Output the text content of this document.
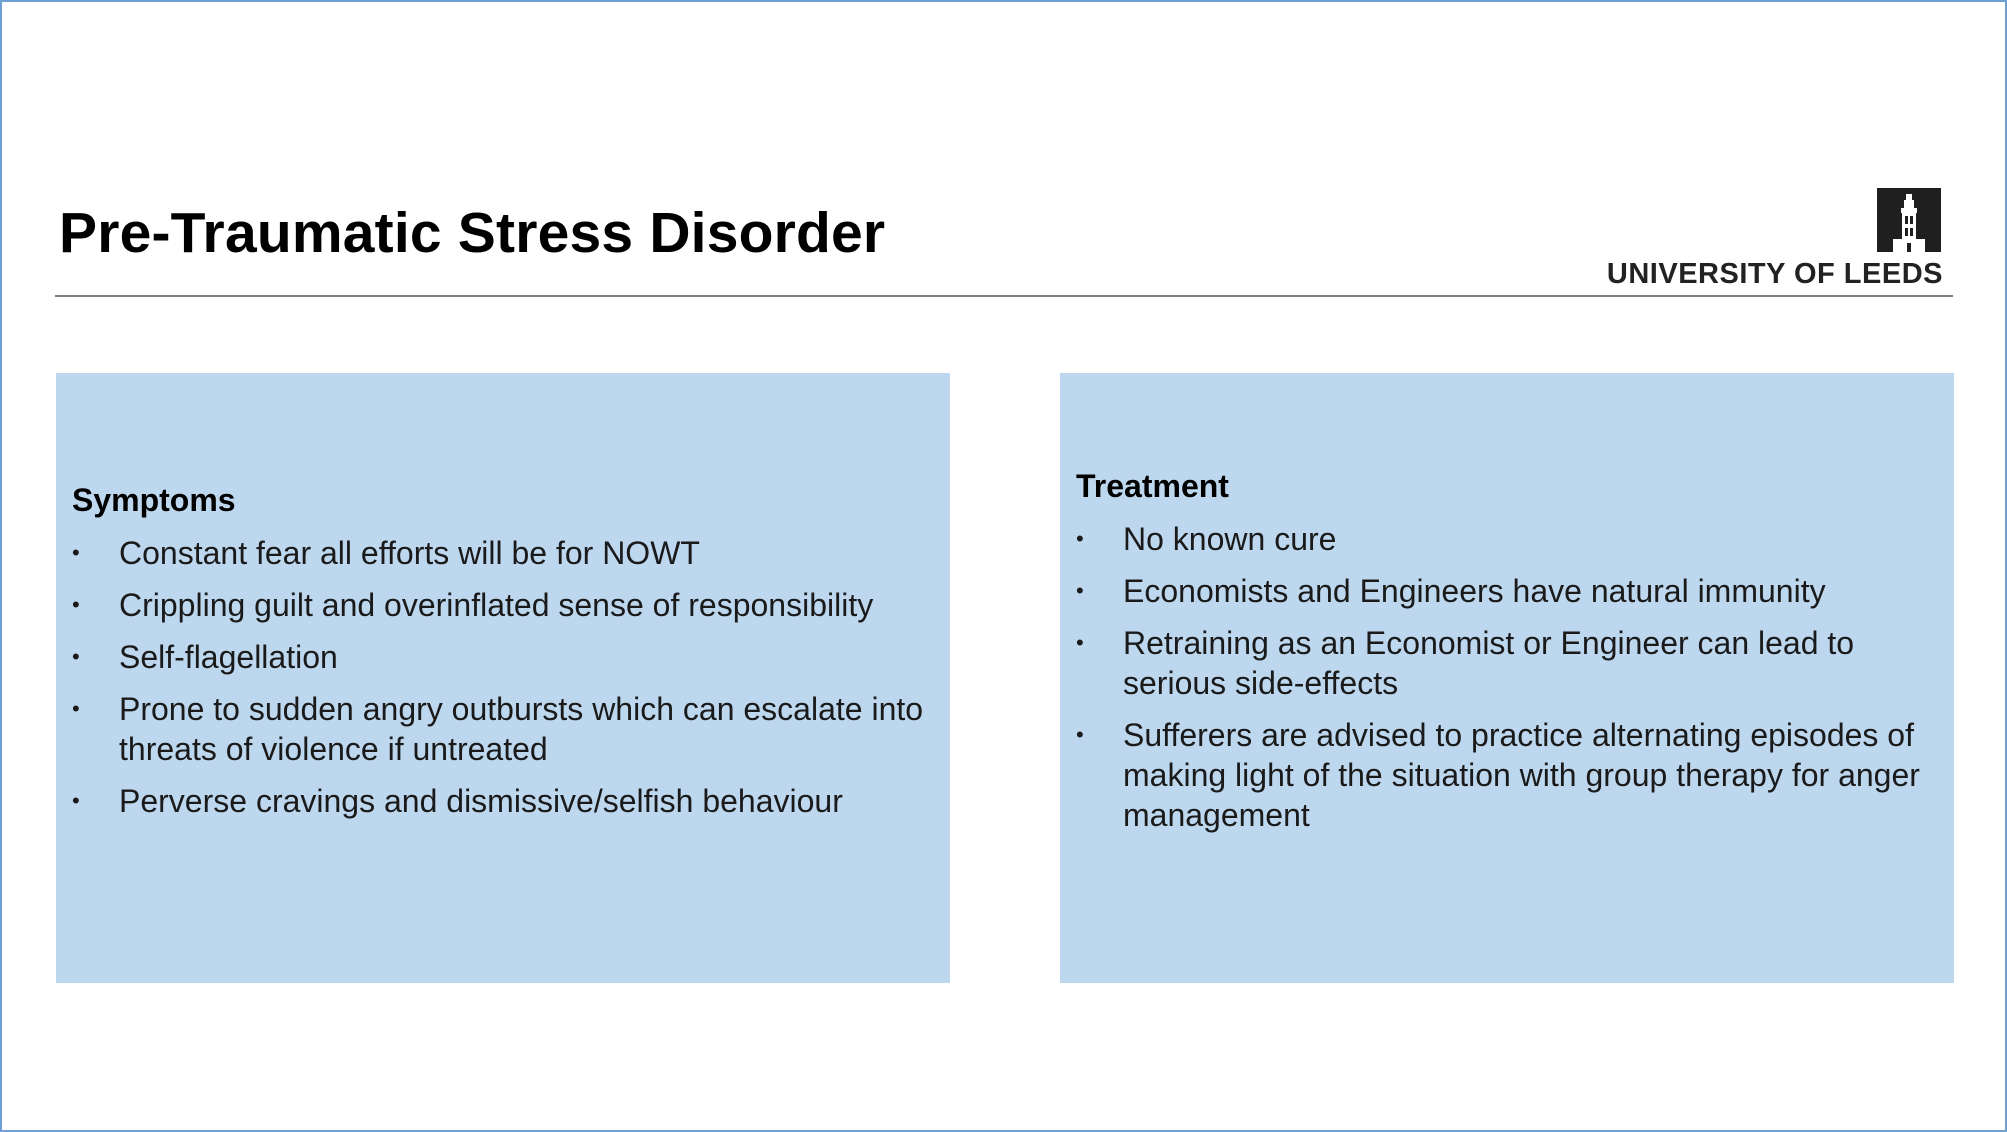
Pre-Traumatic Stress Disorder
UNIVERSITY OF LEEDS
Symptoms
• Constant fear all efforts will be for NOWT
• Crippling guilt and overinflated sense of responsibility
• Self-flagellation
• Prone to sudden angry outbursts which can escalate into threats of violence if untreated
• Perverse cravings and dismissive/selfish behaviour
Treatment
• No known cure
• Economists and Engineers have natural immunity
• Retraining as an Economist or Engineer can lead to serious side-effects
• Sufferers are advised to practice alternating episodes of making light of the situation with group therapy for anger management
